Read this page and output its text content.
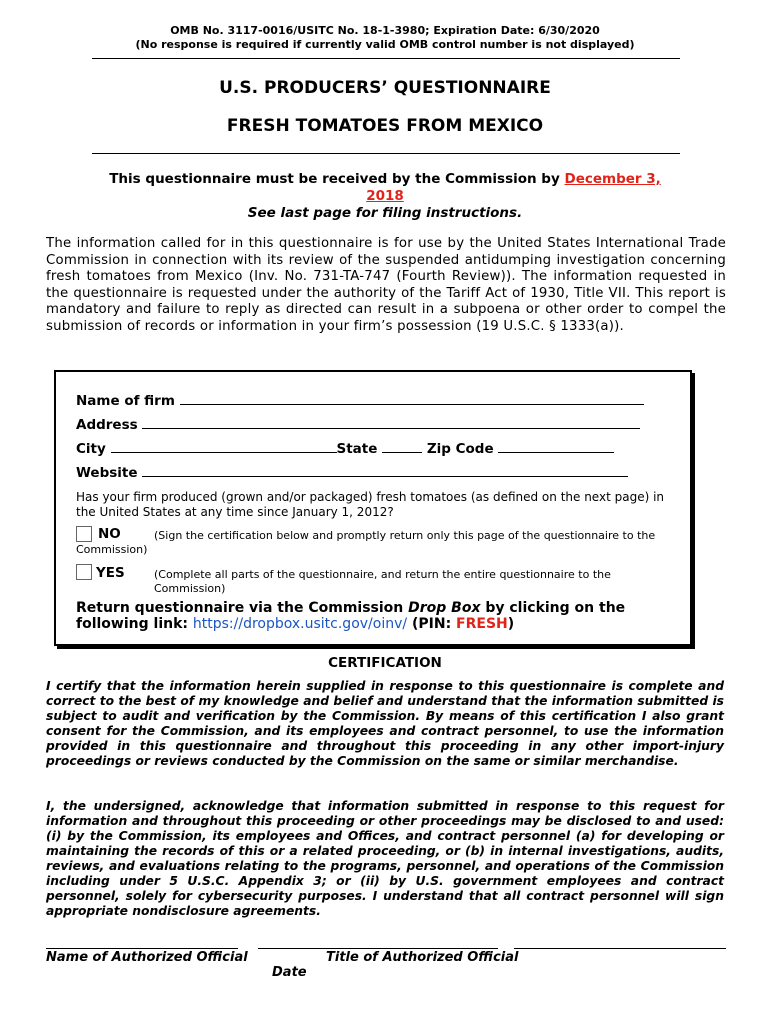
OMB No. 3117-0016/USITC No. 18-1-3980; Expiration Date: 6/30/2020
(No response is required if currently valid OMB control number is not displayed)
U.S. PRODUCERS’ QUESTIONNAIRE
FRESH TOMATOES FROM MEXICO
This questionnaire must be received by the Commission by December 3,
2018
See last page for filing instructions.
The information called for in this questionnaire is for use by the United States International Trade Commission in connection with its review of the suspended antidumping investigation concerning fresh tomatoes from Mexico (Inv. No. 731-TA-747 (Fourth Review)). The information requested in the questionnaire is requested under the authority of the Tariff Act of 1930, Title VII. This report is mandatory and failure to reply as directed can result in a subpoena or other order to compel the submission of records or information in your firm’s possession (19 U.S.C. § 1333(a)).
Name of firm
Address
City	State	Zip Code
Website
Has your firm produced (grown and/or packaged) fresh tomatoes (as defined on the next page) in the United States at any time since January 1, 2012?
NO	(Sign the certification below and promptly return only this page of the questionnaire to the
Commission)
YES	(Complete all parts of the questionnaire, and return the entire questionnaire to the
Commission)
Return questionnaire via the Commission Drop Box by clicking on the
following link: https://dropbox.usitc.gov/oinv/ (PIN: FRESH)
CERTIFICATION
I certify that the information herein supplied in response to this questionnaire is complete and correct to the best of my knowledge and belief and understand that the information submitted is subject to audit and verification by the Commission. By means of this certification I also grant consent for the Commission, and its employees and contract personnel, to use the information provided in this questionnaire and throughout this proceeding in any other import-injury proceedings or reviews conducted by the Commission on the same or similar merchandise.
I, the undersigned, acknowledge that information submitted in response to this request for information and throughout this proceeding or other proceedings may be disclosed to and used: (i) by the Commission, its employees and Offices, and contract personnel (a) for developing or maintaining the records of this or a related proceeding, or (b) in internal investigations, audits, reviews, and evaluations relating to the programs, personnel, and operations of the Commission including under 5 U.S.C. Appendix 3; or (ii) by U.S. government employees and contract personnel, solely for cybersecurity purposes. I understand that all contract personnel will sign appropriate nondisclosure agreements.
Name of Authorized Official	Title of Authorized Official
Date
